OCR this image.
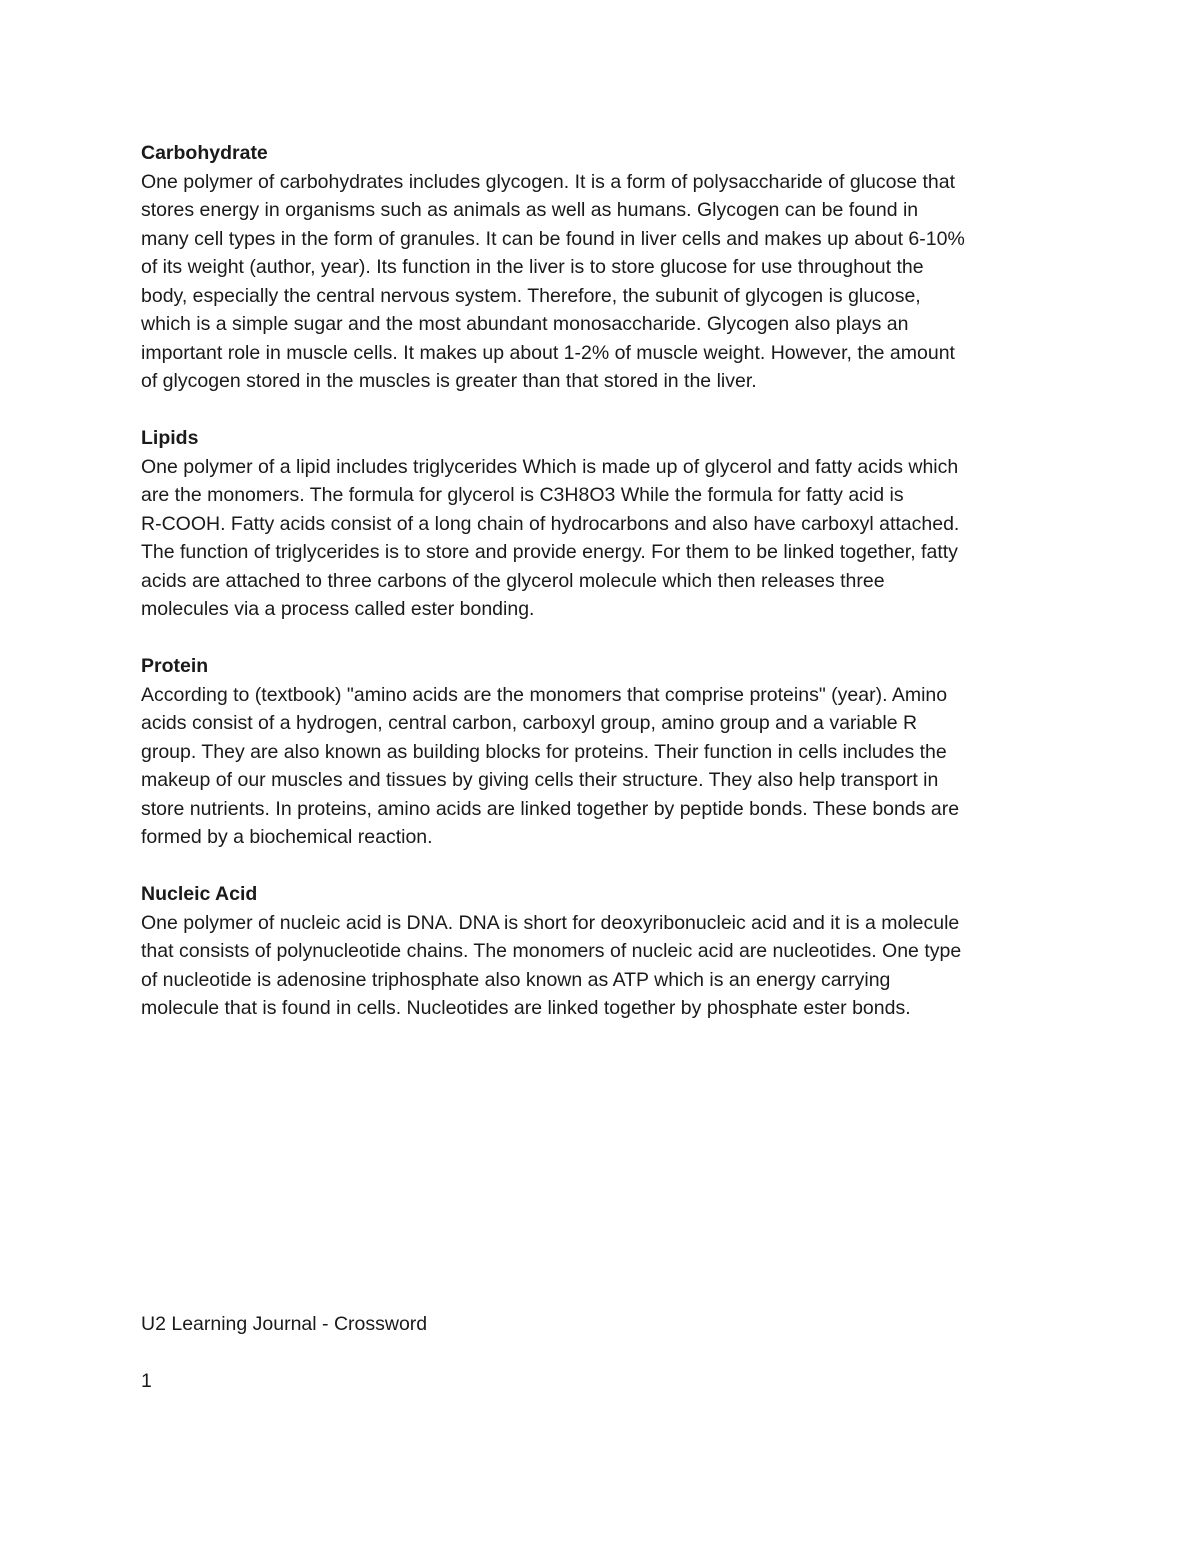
Carbohydrate

One polymer of carbohydrates includes glycogen. It is a form of polysaccharide of glucose that
stores energy in organisms such as animals as well as humans. Glycogen can be found in
many cell types in the form of granules. It can be found in liver cells and makes up about 6-10%
of its weight (author, year). Its function in the liver is to store glucose for use throughout the
body, especially the central nervous system. Therefore, the subunit of glycogen is glucose,
which is a simple sugar and the most abundant monosaccharide. Glycogen also plays an
important role in muscle cells. It makes up about 1-2% of muscle weight. However, the amount
of glycogen stored in the muscles is greater than that stored in the liver.

Lipids

One polymer of a lipid includes triglycerides Which is made up of glycerol and fatty acids which
are the monomers. The formula for glycerol is C3H8O3 While the formula for fatty acid is
R-COOH. Fatty acids consist of a long chain of hydrocarbons and also have carboxyl attached.
The function of triglycerides is to store and provide energy. For them to be linked together, fatty
acids are attached to three carbons of the glycerol molecule which then releases three
molecules via a process called ester bonding.

Protein

According to (textbook) "amino acids are the monomers that comprise proteins" (year). Amino
acids consist of a hydrogen, central carbon, carboxyl group, amino group and a variable R
group. They are also known as building blocks for proteins. Their function in cells includes the
makeup of our muscles and tissues by giving cells their structure. They also help transport in
store nutrients. In proteins, amino acids are linked together by peptide bonds. These bonds are
formed by a biochemical reaction.

Nucleic Acid

One polymer of nucleic acid is DNA. DNA is short for deoxyribonucleic acid and it is a molecule
that consists of polynucleotide chains. The monomers of nucleic acid are nucleotides. One type
of nucleotide is adenosine triphosphate also known as ATP which is an energy carrying
molecule that is found in cells. Nucleotides are linked together by phosphate ester bonds.

U2 Learning Journal - Crossword

1
